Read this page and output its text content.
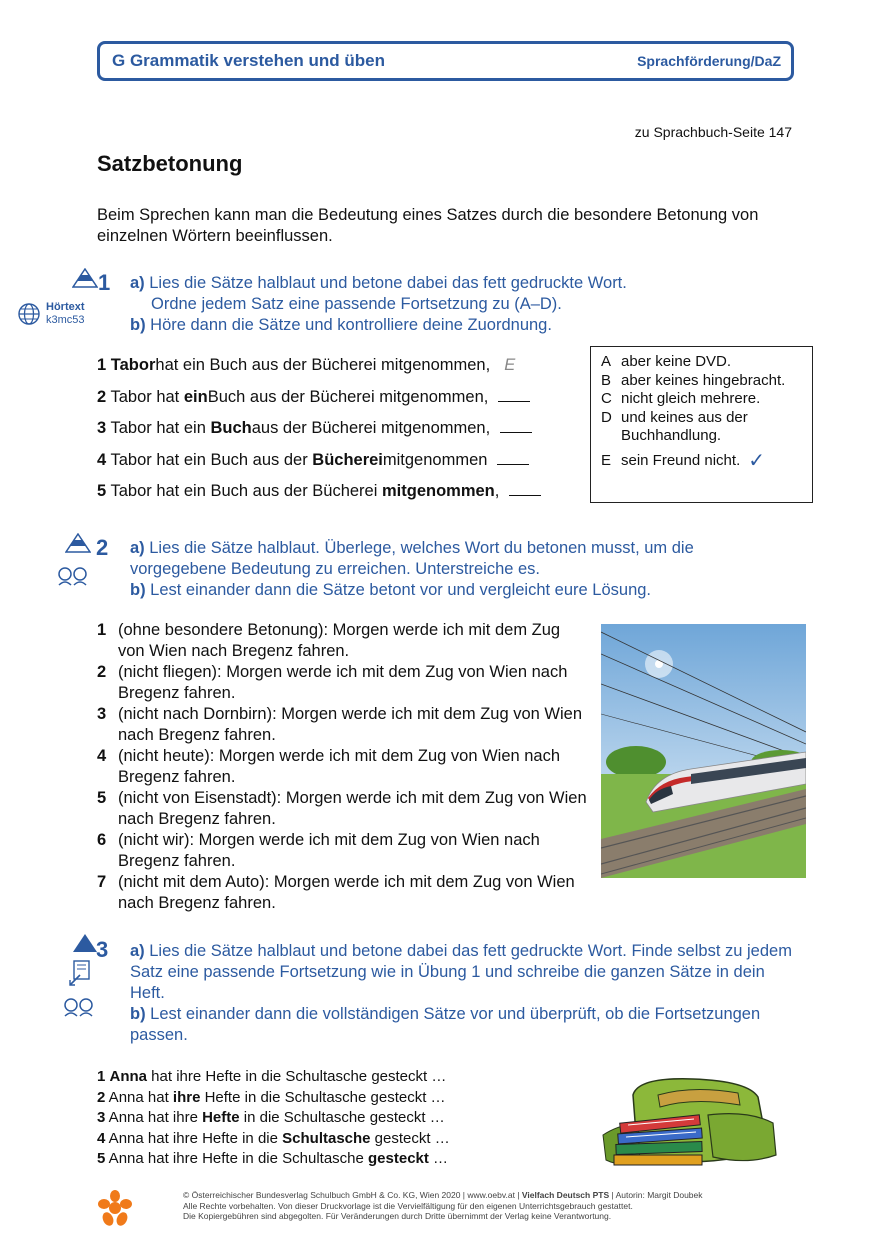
G Grammatik verstehen und üben	Sprachförderung/DaZ
zu Sprachbuch-Seite 147
Satzbetonung
Beim Sprechen kann man die Bedeutung eines Satzes durch die besondere Betonung von einzelnen Wörtern beeinflussen.
1
Hörtext
k3mc53
a) Lies die Sätze halblaut und betone dabei das fett gedruckte Wort.
Ordne jedem Satz eine passende Fortsetzung zu (A–D).
b) Höre dann die Sätze und kontrolliere deine Zuordnung.
1
Tabor hat ein Buch aus der Bücherei mitgenommen, E
2 Tabor hat ein Buch aus der Bücherei mitgenommen,
3 Tabor hat ein Buch aus der Bücherei mitgenommen,
4 Tabor hat ein Buch aus der Bücherei mitgenommen
5 Tabor hat ein Buch aus der Bücherei mitgenommen ,
A aber keine DVD.
B aber keines hingebracht.
C nicht gleich mehrere.
D und keines aus der Buchhandlung.
E sein Freund nicht. ✓
2 a) Lies die Sätze halblaut. Überlege, welches Wort du betonen musst, um die vorgegebene Bedeutung zu erreichen. Unterstreiche es.
b) Lest einander dann die Sätze betont vor und vergleicht eure Lösung.
1 (ohne besondere Betonung): Morgen werde ich mit dem Zug von Wien nach Bregenz fahren.
2 (nicht fliegen): Morgen werde ich mit dem Zug von Wien nach Bregenz fahren.
3 (nicht nach Dornbirn): Morgen werde ich mit dem Zug von Wien nach Bregenz fahren.
4 (nicht heute): Morgen werde ich mit dem Zug von Wien nach Bregenz fahren.
5 (nicht von Eisenstadt): Morgen werde ich mit dem Zug von Wien nach Bregenz fahren.
6 (nicht wir): Morgen werde ich mit dem Zug von Wien nach Bregenz fahren.
7 (nicht mit dem Auto): Morgen werde ich mit dem Zug von Wien nach Bregenz fahren.
3 a) Lies die Sätze halblaut und betone dabei das fett gedruckte Wort. Finde selbst zu jedem Satz eine passende Fortsetzung wie in Übung 1 und schreibe die ganzen Sätze in dein Heft.
b) Lest einander dann die vollständigen Sätze vor und überprüft, ob die Fortsetzungen passen.
1 Anna hat ihre Hefte in die Schultasche gesteckt …
2 Anna hat ihre Hefte in die Schultasche gesteckt …
3 Anna hat ihre Hefte in die Schultasche gesteckt …
4 Anna hat ihre Hefte in die Schultasche gesteckt …
5 Anna hat ihre Hefte in die Schultasche gesteckt …
© Österreichischer Bundesverlag Schulbuch GmbH & Co. KG, Wien 2020 | www.oebv.at | Vielfach Deutsch PTS | Autorin: Margit Doubek
Alle Rechte vorbehalten. Von dieser Druckvorlage ist die Vervielfältigung für den eigenen Unterrichtsgebrauch gestattet.
Die Kopiergebühren sind abgegolten. Für Veränderungen durch Dritte übernimmt der Verlag keine Verantwortung.
